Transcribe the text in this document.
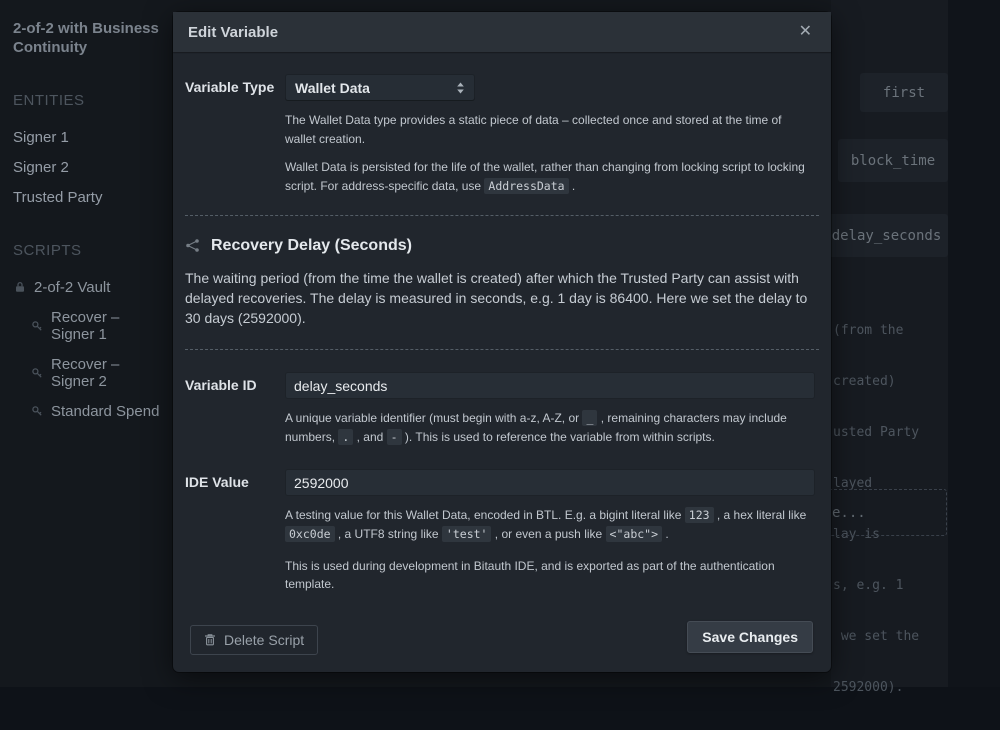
2-of-2 with Business Continuity
ENTITIES
Signer 1
Signer 2
Trusted Party
SCRIPTS
2-of-2 Vault
Recover – Signer 1
Recover – Signer 2
Standard Spend
first
block_time
delay_seconds

(from the

created)

usted Party

layed

lay is

s, e.g. 1

we set the

2592000).

e...
Edit Variable	✕
Variable Type	Wallet Data

The Wallet Data type provides a static piece of data – collected once and stored at the time of wallet creation.

Wallet Data is persisted for the life of the wallet, rather than changing from locking script to locking script. For address-specific data, use AddressData .

Recovery Delay (Seconds)

The waiting period (from the time the wallet is created) after which the Trusted Party can assist with delayed recoveries. The delay is measured in seconds, e.g. 1 day is 86400. Here we set the delay to 30 days (2592000).

Variable ID
delay_seconds

A unique variable identifier (must begin with a-z, A-Z, or _ , remaining characters may include numbers, . , and - ). This is used to reference the variable from within scripts.

IDE Value
2592000

A testing value for this Wallet Data, encoded in BTL. E.g. a bigint literal like 123 , a hex literal like 0xc0de , a UTF8 string like 'test' , or even a push like <"abc"> .

This is used during development in Bitauth IDE, and is exported as part of the authentication template.

Delete Script	Save Changes
